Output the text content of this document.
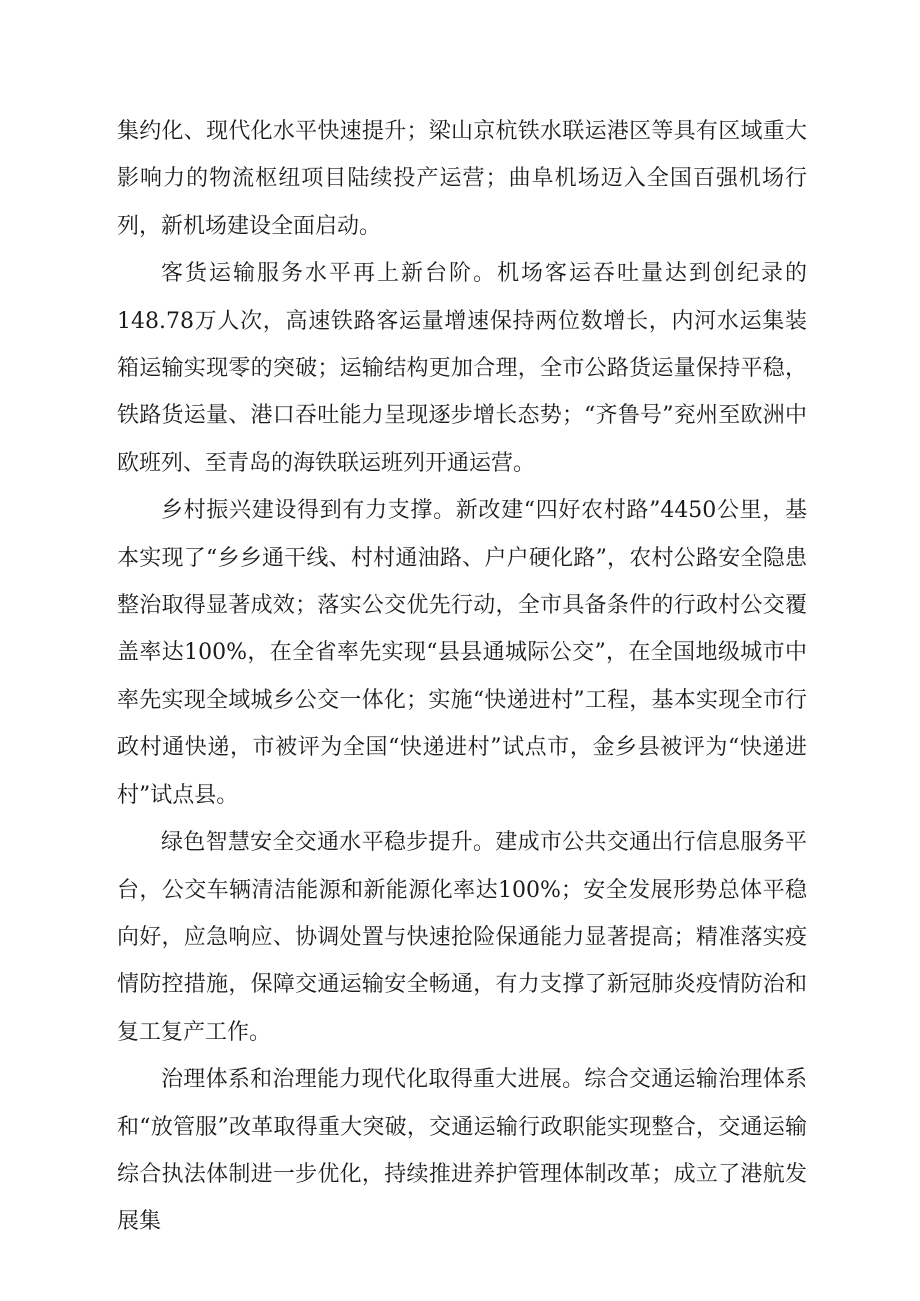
集约化、现代化水平快速提升；梁山京杭铁水联运港区等具有区域重大影响力的物流枢纽项目陆续投产运营；曲阜机场迈入全国百强机场行列，新机场建设全面启动。

客货运输服务水平再上新台阶。机场客运吞吐量达到创纪录的148.78万人次，高速铁路客运量增速保持两位数增长，内河水运集装箱运输实现零的突破；运输结构更加合理，全市公路货运量保持平稳，铁路货运量、港口吞吐能力呈现逐步增长态势；“齐鲁号”兖州至欧洲中欧班列、至青岛的海铁联运班列开通运营。

乡村振兴建设得到有力支撑。新改建“四好农村路”4450公里，基本实现了“乡乡通干线、村村通油路、户户硬化路”，农村公路安全隐患整治取得显著成效；落实公交优先行动，全市具备条件的行政村公交覆盖率达100%，在全省率先实现“县县通城际公交”，在全国地级城市中率先实现全域城乡公交一体化；实施“快递进村”工程，基本实现全市行政村通快递，市被评为全国“快递进村”试点市，金乡县被评为“快递进村”试点县。

绿色智慧安全交通水平稳步提升。建成市公共交通出行信息服务平台，公交车辆清洁能源和新能源化率达100%；安全发展形势总体平稳向好，应急响应、协调处置与快速抢险保通能力显著提高；精准落实疫情防控措施，保障交通运输安全畅通，有力支撑了新冠肺炎疫情防治和复工复产工作。

治理体系和治理能力现代化取得重大进展。综合交通运输治理体系和“放管服”改革取得重大突破，交通运输行政职能实现整合，交通运输综合执法体制进一步优化，持续推进养护管理体制改革；成立了港航发展集
